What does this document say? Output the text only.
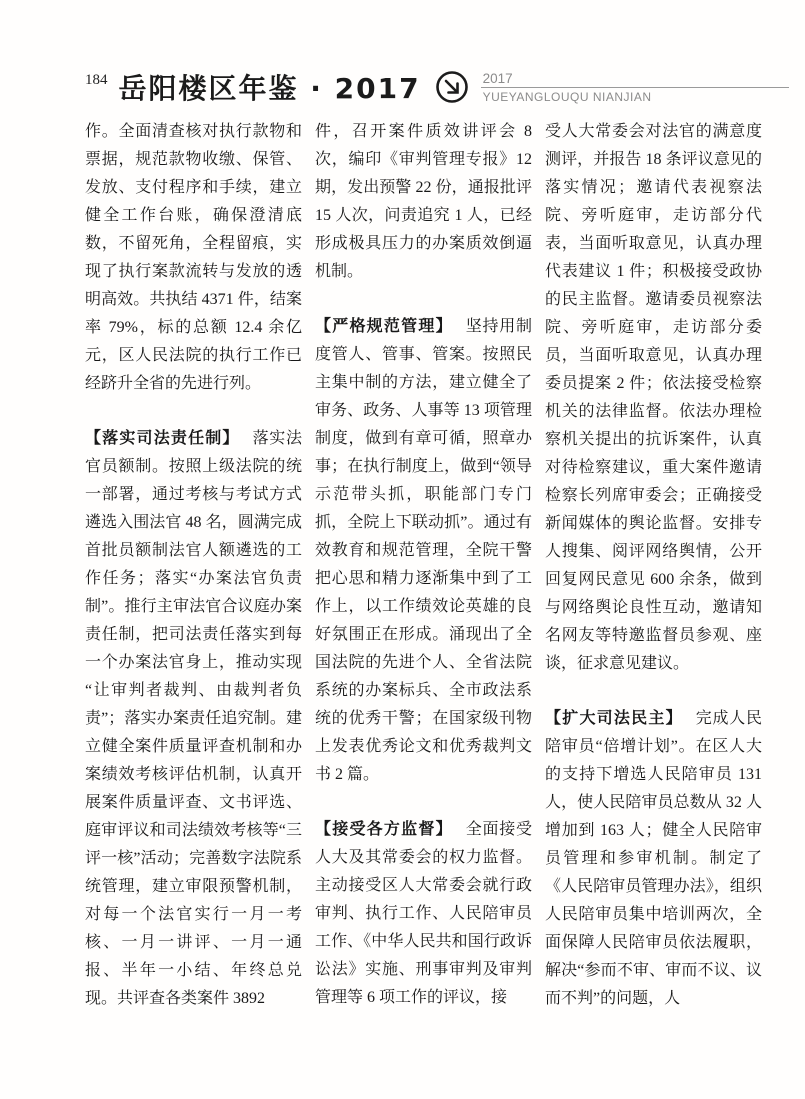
184 岳阳楼区年鉴 · 2017	2017
YUEYANGLOUQU NIANJIAN

作。全面清查核对执行款物和票据，规范款物收缴、保管、发放、支付程序和手续，建立健全工作台账，确保澄清底数，不留死角，全程留痕，实现了执行案款流转与发放的透明高效。共执结 4371 件，结案率 79%，标的总额 12.4 余亿元，区人民法院的执行工作已经跻升全省的先进行列。

【落实司法责任制】 落实法官员额制。按照上级法院的统一部署，通过考核与考试方式遴选入围法官 48 名，圆满完成首批员额制法官人额遴选的工作任务；落实“办案法官负责制”。推行主审法官合议庭办案责任制，把司法责任落实到每一个办案法官身上，推动实现“让审判者裁判、由裁判者负责”；落实办案责任追究制。建立健全案件质量评查机制和办案绩效考核评估机制，认真开展案件质量评查、文书评选、庭审评议和司法绩效考核等“三评一核”活动；完善数字法院系统管理，建立审限预警机制，对每一个法官实行一月一考核、一月一讲评、一月一通报、半年一小结、年终总兑现。共评查各类案件 3892

件，召开案件质效讲评会 8 次，编印《审判管理专报》12 期，发出预警 22 份，通报批评 15 人次，问责追究 1 人，已经形成极具压力的办案质效倒逼机制。

【严格规范管理】 坚持用制度管人、管事、管案。按照民主集中制的方法，建立健全了审务、政务、人事等 13 项管理制度，做到有章可循，照章办事；在执行制度上，做到“领导示范带头抓，职能部门专门抓，全院上下联动抓”。通过有效教育和规范管理，全院干警把心思和精力逐渐集中到了工作上，以工作绩效论英雄的良好氛围正在形成。涌现出了全国法院的先进个人、全省法院系统的办案标兵、全市政法系统的优秀干警；在国家级刊物上发表优秀论文和优秀裁判文书 2 篇。

【接受各方监督】 全面接受人大及其常委会的权力监督。主动接受区人大常委会就行政审判、执行工作、人民陪审员工作、《中华人民共和国行政诉讼法》实施、刑事审判及审判管理等 6 项工作的评议，接

受人大常委会对法官的满意度测评，并报告 18 条评议意见的落实情况；邀请代表视察法院、旁听庭审，走访部分代表，当面听取意见，认真办理代表建议 1 件；积极接受政协的民主监督。邀请委员视察法院、旁听庭审，走访部分委员，当面听取意见，认真办理委员提案 2 件；依法接受检察机关的法律监督。依法办理检察机关提出的抗诉案件，认真对待检察建议，重大案件邀请检察长列席审委会；正确接受新闻媒体的舆论监督。安排专人搜集、阅评网络舆情，公开回复网民意见 600 余条，做到与网络舆论良性互动，邀请知名网友等特邀监督员参观、座谈，征求意见建议。

【扩大司法民主】 完成人民陪审员“倍增计划”。在区人大的支持下增选人民陪审员 131 人，使人民陪审员总数从 32 人增加到 163 人；健全人民陪审员管理和参审机制。制定了《人民陪审员管理办法》，组织人民陪审员集中培训两次，全面保障人民陪审员依法履职，解决“参而不审、审而不议、议而不判”的问题，人
